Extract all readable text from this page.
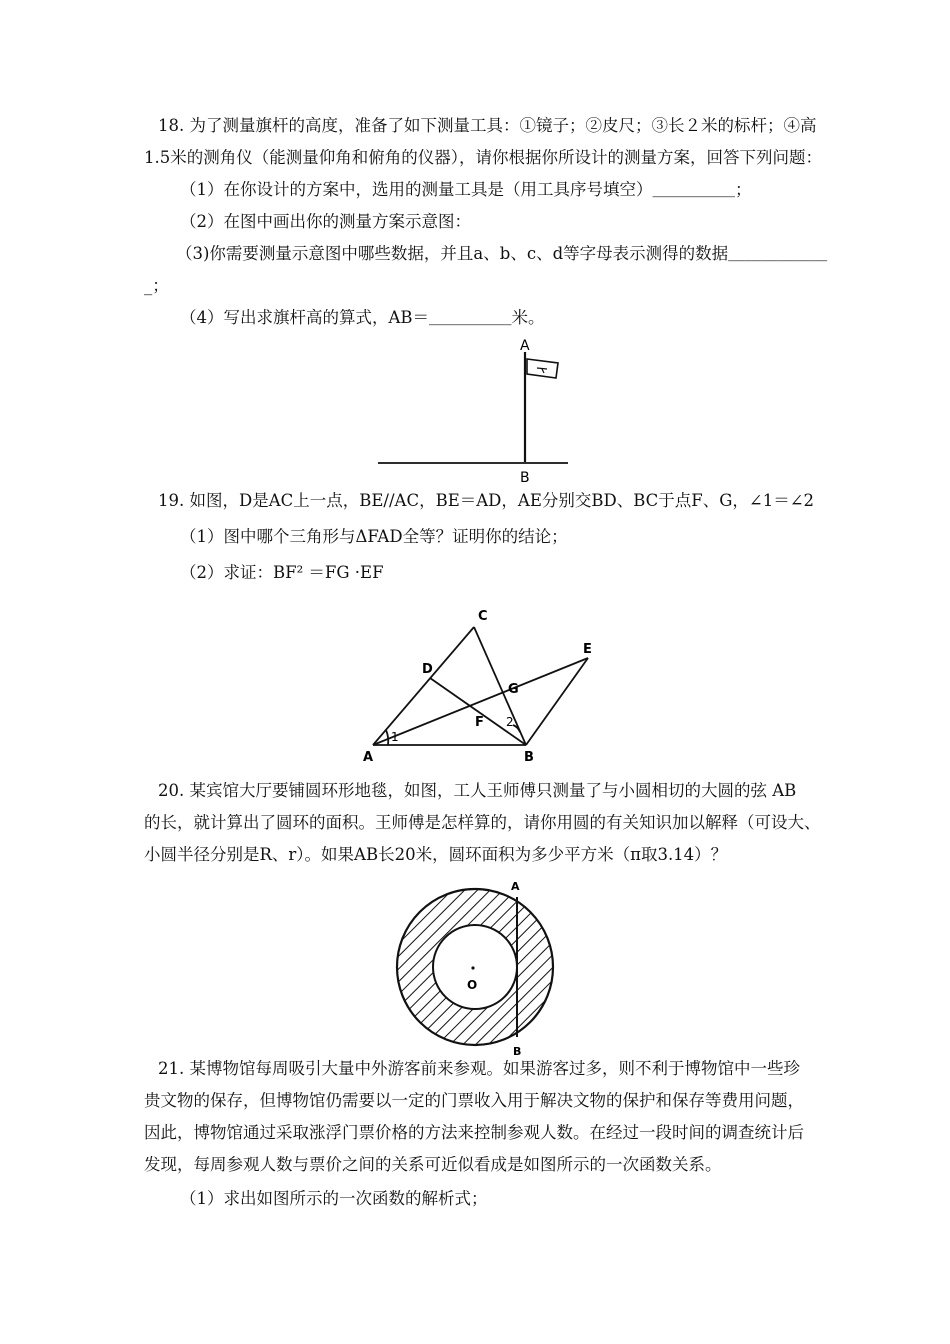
18. 为了测量旗杆的高度，准备了如下测量工具：①镜子；②皮尺；③长２米的标杆；④高
1.5米的测角仪（能测量仰角和俯角的仪器），请你根据你所设计的测量方案，回答下列问题：
（1）在你设计的方案中，选用的测量工具是（用工具序号填空）＿＿＿＿＿；
（2）在图中画出你的测量方案示意图：
（3)你需要测量示意图中哪些数据，并且a、b、c、d等字母表示测得的数据＿＿＿＿＿＿
_；
（4）写出求旗杆高的算式，AB＝＿＿＿＿＿米。
A
B
19. 如图，D是AC上一点，BE//AC，BE＝AD，AE分别交BD、BC于点F、G，∠1＝∠2
（1）图中哪个三角形与ΔFAD全等？证明你的结论；
（2）求证：BF² ＝FG ·EF
A	B
C
D
E
F
G
1
2
20. 某宾馆大厅要铺圆环形地毯，如图，工人王师傅只测量了与小圆相切的大圆的弦 AB
的长，就计算出了圆环的面积。王师傅是怎样算的，请你用圆的有关知识加以解释（可设大、
小圆半径分别是R、r）。如果AB长20米，圆环面积为多少平方米（π取3.14）？
A
B
O
21. 某博物馆每周吸引大量中外游客前来参观。如果游客过多，则不利于博物馆中一些珍
贵文物的保存，但博物馆仍需要以一定的门票收入用于解决文物的保护和保存等费用问题，
因此，博物馆通过采取涨浮门票价格的方法来控制参观人数。在经过一段时间的调查统计后
发现，每周参观人数与票价之间的关系可近似看成是如图所示的一次函数关系。
（1）求出如图所示的一次函数的解析式；
